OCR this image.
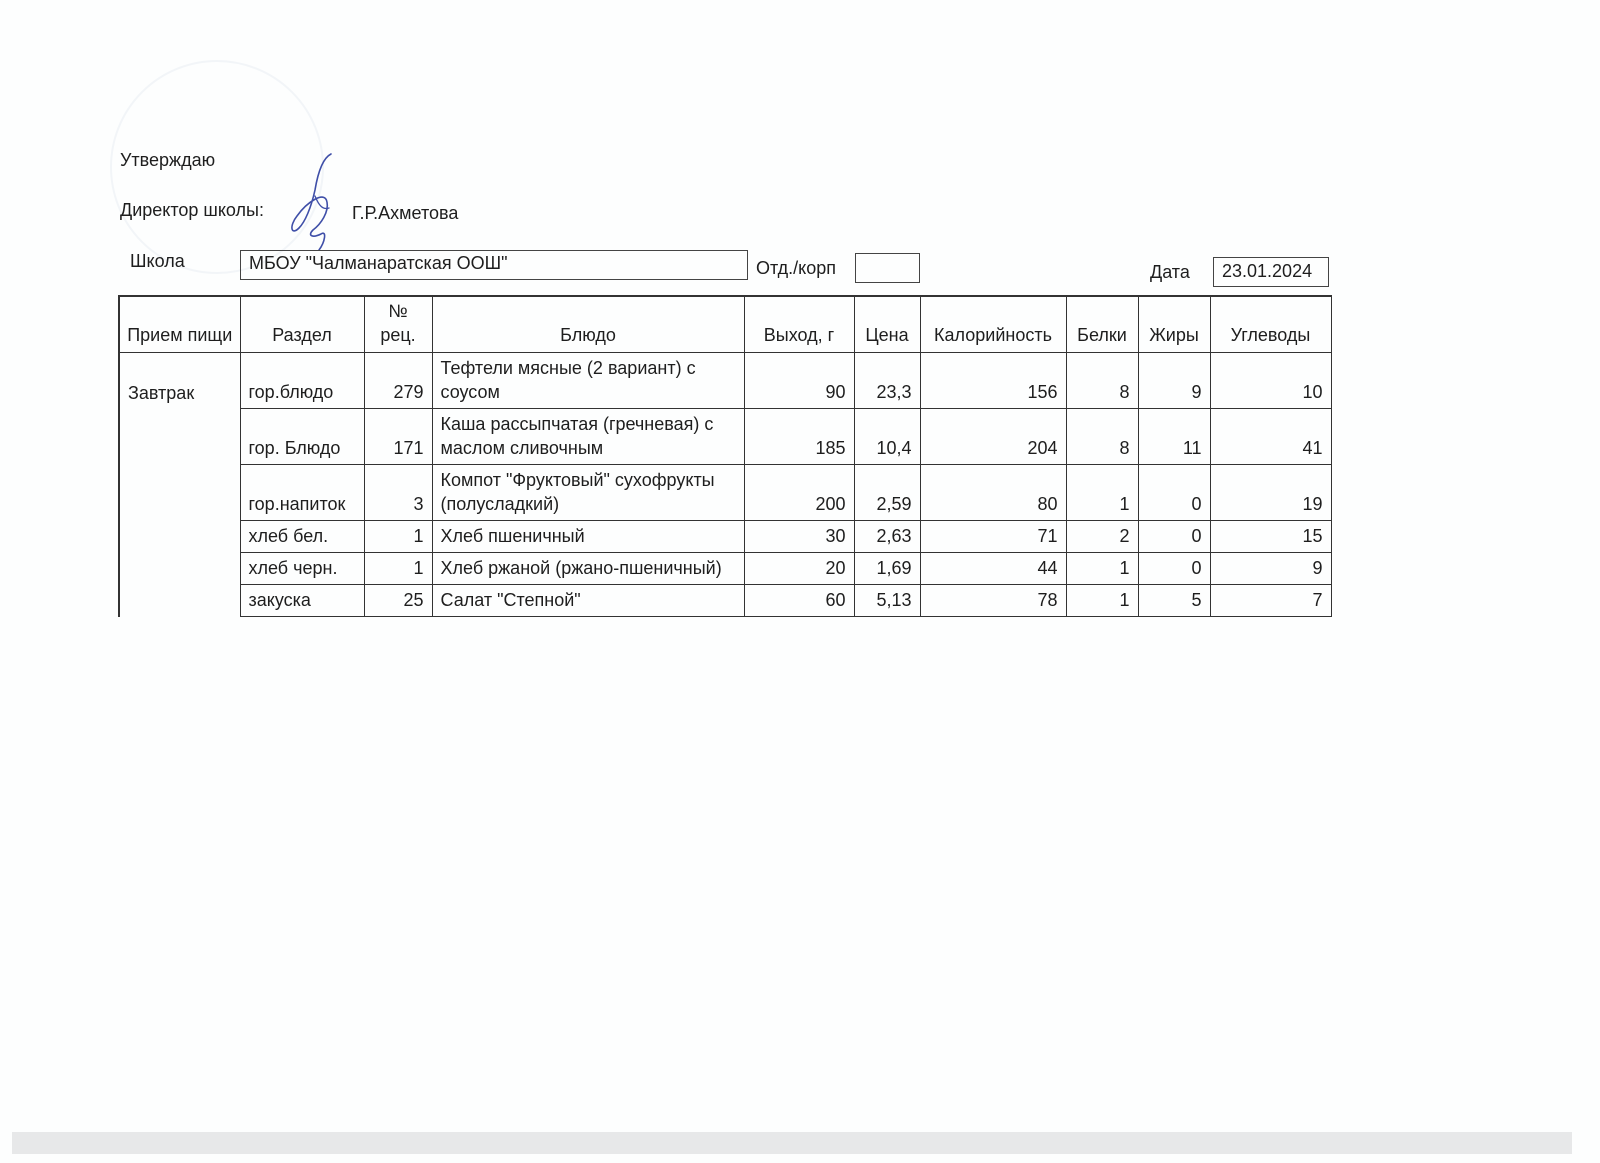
Утверждаю
Директор школы:	Г.Р.Ахметова
Школа	МБОУ "Чалманаратская ООШ"	Отд./корп	Дата	23.01.2024
Прием пищи	Раздел	№ рец.	Блюдо	Выход, г	Цена	Калорийность	Белки	Жиры	Углеводы
Завтрак	гор.блюдо	279	Тефтели мясные (2 вариант) с соусом	90	23,3	156	8	9	10
	гор. Блюдо	171	Каша рассыпчатая (гречневая) с маслом сливочным	185	10,4	204	8	11	41
	гор.напиток	3	Компот "Фруктовый" сухофрукты (полусладкий)	200	2,59	80	1	0	19
	хлеб бел.	1	Хлеб пшеничный	30	2,63	71	2	0	15
	хлеб черн.	1	Хлеб ржаной (ржано-пшеничный)	20	1,69	44	1	0	9
	закуска	25	Салат "Степной"	60	5,13	78	1	5	7
